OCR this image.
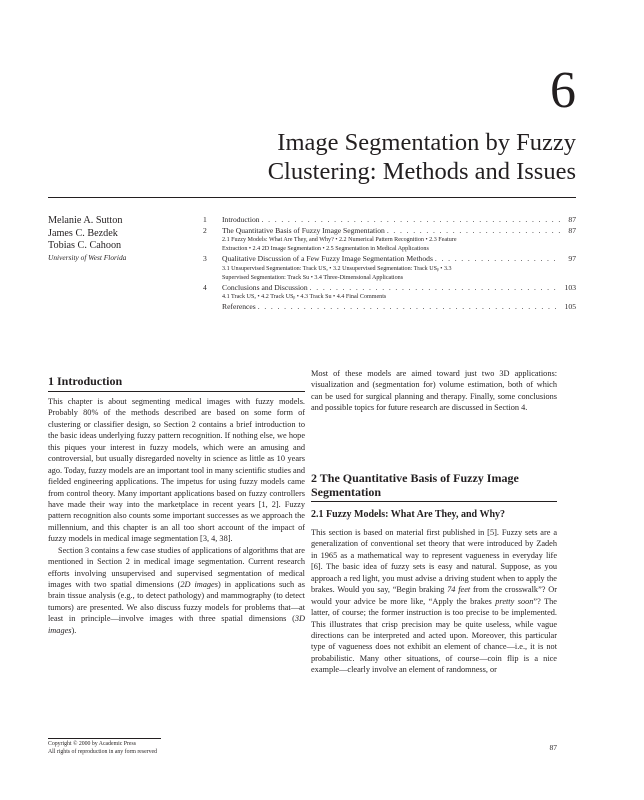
6
Image Segmentation by Fuzzy
Clustering: Methods and Issues
Melanie A. Sutton
James C. Bezdek
Tobias C. Cahoon
University of West Florida
1 Introduction . . .	87
2 The Quantitative Basis of Fuzzy Image Segmentation . . .	87
2.1 Fuzzy Models: What Are They, and Why? • 2.2 Numerical Pattern Recognition • 2.3 Feature
Extraction • 2.4 2D Image Segmentation • 2.5 Segmentation in Medical Applications
3 Qualitative Discussion of a Few Fuzzy Image Segmentation Methods . . .	97
3.1 Unsupervised Segmentation: Track USₐ • 3.2 Unsupervised Segmentation: Track USᵦ • 3.3
Supervised Segmentation: Track Su • 3.4 Three-Dimensional Applications
4 Conclusions and Discussion . . .	103
4.1 Track USₐ • 4.2 Track USᵦ • 4.3 Track Su • 4.4 Final Comments
References . . .	105
1 Introduction

This chapter is about segmenting medical images with fuzzy models. Probably 80% of the methods described are based on some form of clustering or classifier design, so Section 2 contains a brief introduction to the basic ideas underlying fuzzy pattern recognition. If nothing else, we hope this piques your interest in fuzzy models, which were an amusing and controversial, but usually disregarded novelty in science as little as 10 years ago. Today, fuzzy models are an important tool in many scientific studies and fielded engineering applications. The impetus for using fuzzy models came from control theory. Many important applications based on fuzzy controllers have made their way into the marketplace in recent years [1, 2]. Fuzzy pattern recognition also counts some important successes as we approach the millennium, and this chapter is an all too short account of the impact of fuzzy models in medical image segmentation [3, 4, 38].

Section 3 contains a few case studies of applications of algorithms that are mentioned in Section 2 in medical image segmentation. Current research efforts involving unsupervised and supervised segmentation of medical images with two spatial dimensions (2D images) in applications such as brain tissue analysis (e.g., to detect pathology) and mammography (to detect tumors) are presented. We also discuss fuzzy models for problems that—at least in principle—involve images with three spatial dimensions (3D images).

Most of these models are aimed toward just two 3D applications: visualization and (segmentation for) volume estimation, both of which can be used for surgical planning and therapy. Finally, some conclusions and possible topics for future research are discussed in Section 4.

2 The Quantitative Basis of Fuzzy Image Segmentation
2.1 Fuzzy Models: What Are They, and Why?

This section is based on material first published in [5]. Fuzzy sets are a generalization of conventional set theory that were introduced by Zadeh in 1965 as a mathematical way to represent vagueness in everyday life [6]. The basic idea of fuzzy sets is easy and natural. Suppose, as you approach a red light, you must advise a driving student when to apply the brakes. Would you say, “Begin braking 74 feet from the crosswalk”? Or would your advice be more like, “Apply the brakes pretty soon”? The latter, of course; the former instruction is too precise to be implemented. This illustrates that crisp precision may be quite useless, while vague directions can be interpreted and acted upon. Moreover, this particular type of vagueness does not exhibit an element of chance—i.e., it is not probabilistic. Many other situations, of course—coin flip is a nice example—clearly involve an element of randomness, or

Copyright © 2000 by Academic Press
All rights of reproduction in any form reserved	87
